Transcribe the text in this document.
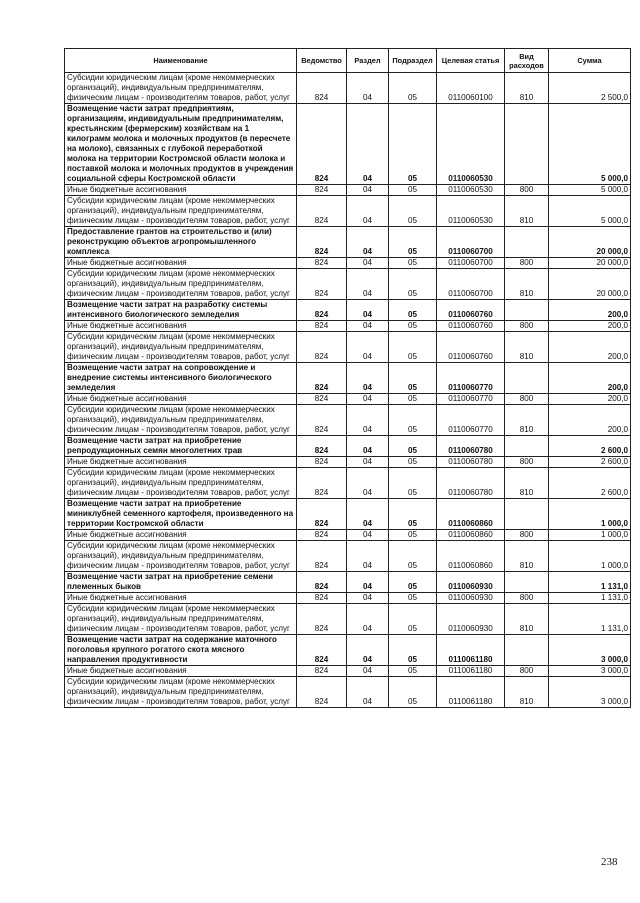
Наименование	Ведомство	Раздел	Подраздел	Целевая статья	Вид расходов	Сумма
Субсидии юридическим лицам (кроме некоммерческих организаций), индивидуальным предпринимателям, физическим лицам - производителям товаров, работ, услуг	824	04	05	0110060100	810	2 500,0
Возмещение части затрат предприятиям, организациям, индивидуальным предпринимателям, крестьянским (фермерским) хозяйствам на 1 килограмм молока и молочных продуктов (в пересчете на молоко), связанных с глубокой переработкой молока на территории Костромской области молока и поставкой молока и молочных продуктов в учреждения социальной сферы Костромской области	824	04	05	0110060530		5 000,0
Иные бюджетные ассигнования	824	04	05	0110060530	800	5 000,0
Субсидии юридическим лицам (кроме некоммерческих организаций), индивидуальным предпринимателям, физическим лицам - производителям товаров, работ, услуг	824	04	05	0110060530	810	5 000,0
Предоставление грантов на строительство и (или) реконструкцию объектов агропромышленного комплекса	824	04	05	0110060700		20 000,0
Иные бюджетные ассигнования	824	04	05	0110060700	800	20 000,0
Субсидии юридическим лицам (кроме некоммерческих организаций), индивидуальным предпринимателям, физическим лицам - производителям товаров, работ, услуг	824	04	05	0110060700	810	20 000,0
Возмещение части затрат на разработку системы интенсивного биологического земледелия	824	04	05	0110060760		200,0
Иные бюджетные ассигнования	824	04	05	0110060760	800	200,0
Субсидии юридическим лицам (кроме некоммерческих организаций), индивидуальным предпринимателям, физическим лицам - производителям товаров, работ, услуг	824	04	05	0110060760	810	200,0
Возмещение части затрат на сопровождение и внедрение системы интенсивного биологического земледелия	824	04	05	0110060770		200,0
Иные бюджетные ассигнования	824	04	05	0110060770	800	200,0
Субсидии юридическим лицам (кроме некоммерческих организаций), индивидуальным предпринимателям, физическим лицам - производителям товаров, работ, услуг	824	04	05	0110060770	810	200,0
Возмещение части затрат на приобретение репродукционных семян многолетних трав	824	04	05	0110060780		2 600,0
Иные бюджетные ассигнования	824	04	05	0110060780	800	2 600,0
Субсидии юридическим лицам (кроме некоммерческих организаций), индивидуальным предпринимателям, физическим лицам - производителям товаров, работ, услуг	824	04	05	0110060780	810	2 600,0
Возмещение части затрат на приобретение миниклубней семенного картофеля, произведенного на территории Костромской области	824	04	05	0110060860		1 000,0
Иные бюджетные ассигнования	824	04	05	0110060860	800	1 000,0
Субсидии юридическим лицам (кроме некоммерческих организаций), индивидуальным предпринимателям, физическим лицам - производителям товаров, работ, услуг	824	04	05	0110060860	810	1 000,0
Возмещение части затрат на приобретение семени племенных быков	824	04	05	0110060930		1 131,0
Иные бюджетные ассигнования	824	04	05	0110060930	800	1 131,0
Субсидии юридическим лицам (кроме некоммерческих организаций), индивидуальным предпринимателям, физическим лицам - производителям товаров, работ, услуг	824	04	05	0110060930	810	1 131,0
Возмещение части затрат на содержание маточного поголовья крупного рогатого скота мясного направления продуктивности	824	04	05	0110061180		3 000,0
Иные бюджетные ассигнования	824	04	05	0110061180	800	3 000,0
Субсидии юридическим лицам (кроме некоммерческих организаций), индивидуальным предпринимателям, физическим лицам - производителям товаров, работ, услуг	824	04	05	0110061180	810	3 000,0
238
